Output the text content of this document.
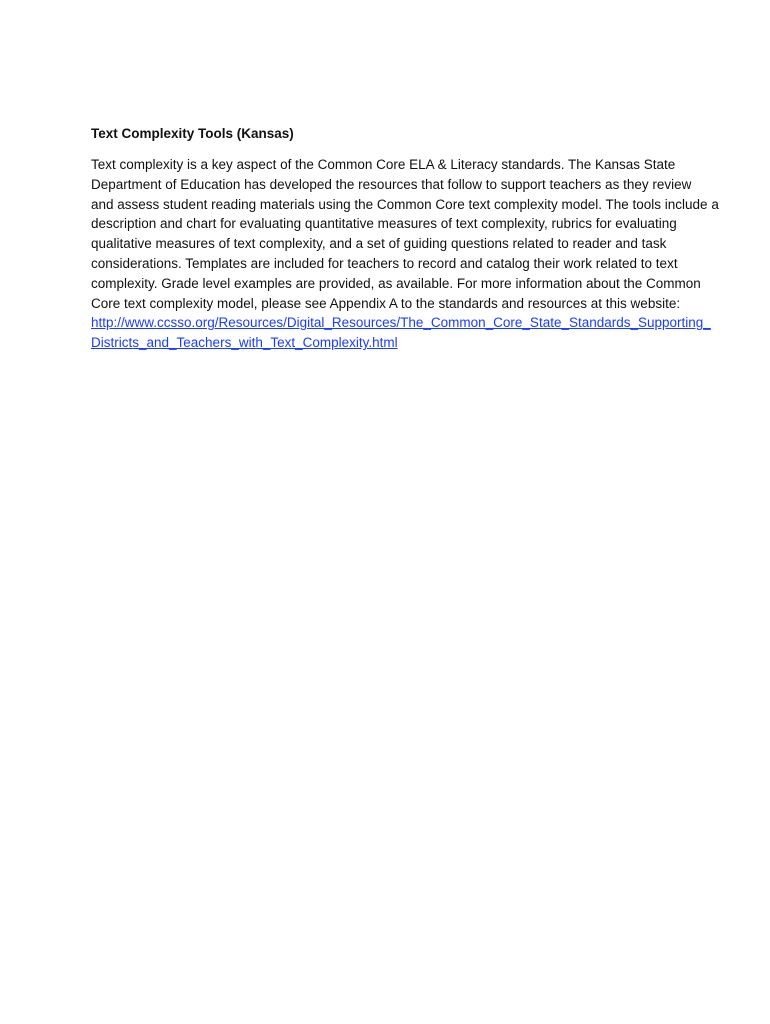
Text Complexity Tools (Kansas)
Text complexity is a key aspect of the Common Core ELA & Literacy standards. The Kansas State
Department of Education has developed the resources that follow to support teachers as they review
and assess student reading materials using the Common Core text complexity model. The tools include a
description and chart for evaluating quantitative measures of text complexity, rubrics for evaluating
qualitative measures of text complexity, and a set of guiding questions related to reader and task
considerations. Templates are included for teachers to record and catalog their work related to text
complexity. Grade level examples are provided, as available. For more information about the Common
Core text complexity model, please see Appendix A to the standards and resources at this website:
http://www.ccsso.org/Resources/Digital_Resources/The_Common_Core_State_Standards_Supporting_
Districts_and_Teachers_with_Text_Complexity.html
